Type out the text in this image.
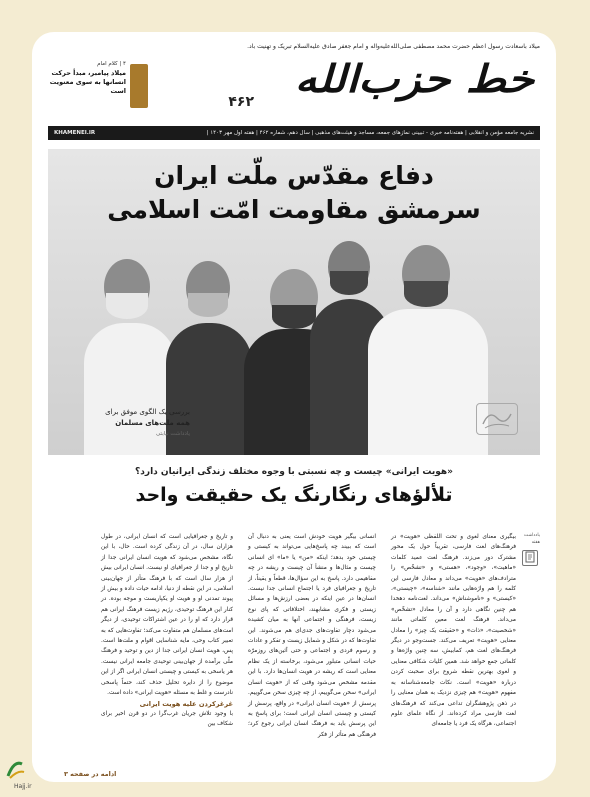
میلاد باسعادت رسول اعظم حضرت محمد مصطفی صلی‌الله‌علیه‌وآله و امام جعفر صادق علیه‌السلام تبریک و تهنیت باد.
خط حزب‌الله
۴۶۲
۴ | کلام امام
میلاد پیامبر، مبدأ حرکت
انسانها به سوی معنویت است
نشریه جامعه مؤمن و انقلابی | هفته‌نامه خبری - تبیینی نمازهای جمعه، مساجد و هیئت‌های مذهبی | سال دهم، شماره ۴۶۲ | هفته اول مهر ۱۴۰۳ |
KHAMENEI.IR
دفاع مقدّس ملّت ایران
سرمشق مقاومت امّت اسلامی
بررسی یک الگوی موفق برای
همه ملت‌های مسلمان
یادداشت نیابتی
«هویت ایرانی» چیست و چه نسبتی با وجوه مختلف زندگی ایرانیان دارد؟
تلألؤهای رنگارنگ یک حقیقت واحد
یادداشت هفته
بیگیری معنای لغوی و تحت اللفظی «هویت» در فرهنگ‌های لغت فارسی، تقریباً حول یک محور مشترک دور می‌زند. فرهنگ لغت عمید کلمات «ماهیت»، «وجود»، «هستی» و «تشخّص» را مترادف‌های «هویت» می‌داند و معادل فارسی این کلمه را هم واژه‌هایی مانند «شناسه»، «چیستی»، «کیستی» و «ناموشناش» می‌داند. لغت‌نامه دهخدا هم چنین نگاهی دارد و آن را معادل «تشخّص» می‌داند. فرهنگ لغت معین کلماتی مانند «شخصیت»، «ذات» و «حقیقت یک چیز» را معادل معنایی «هویت» تعریف می‌کند. جست‌وجو در دیگر فرهنگ‌های لغت هم، کمابیش، سه چنین واژه‌ها و کلماتی جمع خواهد شد. همین کلیات شکافی معنایی و لغوی بهترین نقطه شروع برای صحبت کردن درباره «هویت» است. نکات جامعه‌شناسانه به مفهوم «هویت» هم چیزی نزدیک به همان معنایی را در ذهن پژوهشگران تداعی می‌کند که فرهنگ‌های لغت فارسی مراد کرده‌اند. از نگاه علمای علوم اجتماعی، هرگاه یک فرد یا جامعه‌ای
انسانی بیگیر هویت خودش است یعنی به دنبال آن است که ببیند چه پاسخ‌هایی می‌تواند به کیستی و چیستی خود بدهد؛ اینکه «من» یا «ما» ای انسانی چیست و مثال‌ها و منشأ آن چیست و ریشه در چه مفاهیمی دارد. پاسخ به این سؤال‌ها، قطعاً و یقیناً، از تاریخ و جغرافیای فرد یا اجتماع انسانی جدا نیست. انسان‌ها در عین اینکه در بعضی ارزش‌ها و مسائل زیستی و فکری مشابهند، اختلافاتی که پای نوع زیست، فرهنگی و اجتماعی آنها به میان کشیده می‌شود دچار تفاوت‌های جدی‌ای هم می‌شوند. این تفاوت‌ها که در شکل و شمایل زیست و تفکر و عادات و رسوم فردی و اجتماعی و حتی آئین‌های روزمرّه حیات انسانی متبلور می‌شود، برخاسته از یک نظام معنایی است که ریشه در هویت انسان‌ها دارد. با این مقدمه مشخص می‌شود وقتی که از «هویت انسان ایرانی» سخن می‌گوییم، از چه چیزی سخن می‌گوییم. پرسش از «هویت انسان ایرانی» در واقع، پرسش از کیستی و چیستی انسان ایرانی است؛ برای پاسخ به این پرسش باید به فرهنگ انسان ایرانی رجوع کرد؛ فرهنگی هم متأثر از فکر
و تاریخ و جغرافیایی است که انسان ایرانی، در طول هزاران سال، در آن زندگی کرده است. حال، با این نگاه، مشخص می‌شود که هویت انسان ایرانی جدا از تاریخ او و جدا از جغرافیای او نیست. انسان ایرانی بیش از هزار سال است که با فرهنگ متأثر از جهان‌بینی اسلامی، در این نقطه از دنیا، ادامه حیات داده و بیش از پیوند تمدنی او و هویت او یکپاریست و موجه بوده. در کنار این فرهنگ توحیدی، رژیم زیست فرهنگ ایرانی هم قرار دارد که او را در عین اشتراکات توحیدی، از دیگر امت‌های مسلمان هم متفاوت می‌کند؛ تفاوت‌هایی که به تعبیر کتاب وحی، مایه شناسایی اقوام و ملت‌ها است. پس، هویت انسان ایرانی جدا از دین و توحید و فرهنگ ملّی برآمده از جهان‌بینی توحیدی جامعه ایرانی نیست. هر یاسخی به کیستی و چیستی انسان ایرانی اگر از این موضوع را از دایره تحلیل حذف کند، حتماً پاسخی نادرست و غلط به مسئله «هویت ایرانی» داده است.
غرغرکردن علیه هویت ایرانی
با وجود تلاش جریان غرب‌گرا در دو قرن اخیر برای شکاف بین
ادامه در صفحه ۳
Hajj.ir
